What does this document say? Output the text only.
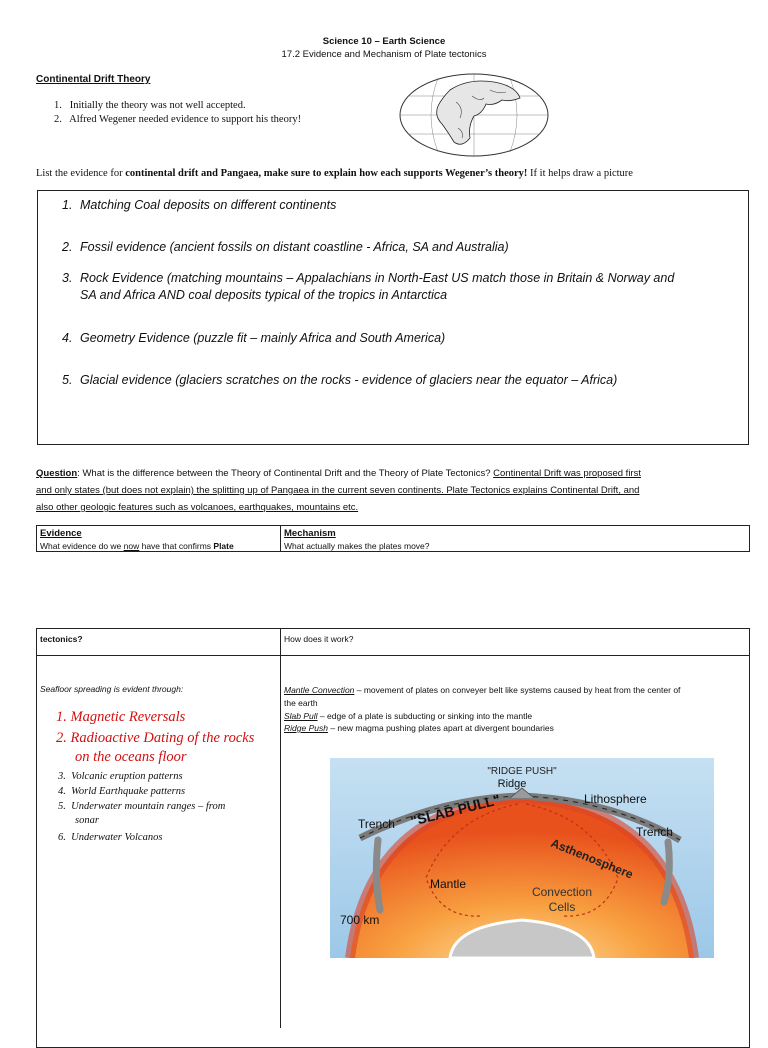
Science 10 – Earth Science
17.2 Evidence and Mechanism of Plate tectonics
Continental Drift Theory
1. Initially the theory was not well accepted.
2. Alfred Wegener needed evidence to support his theory!
List the evidence for continental drift and Pangaea, make sure to explain how each supports Wegener’s theory! If it helps draw a picture
1. Matching Coal deposits on different continents
2. Fossil evidence (ancient fossils on distant coastline - Africa, SA and Australia)
3. Rock Evidence (matching mountains – Appalachians in North-East US match those in Britain & Norway and
SA and Africa AND coal deposits typical of the tropics in Antarctica
4. Geometry Evidence (puzzle fit – mainly Africa and South America)
5. Glacial evidence (glaciers scratches on the rocks - evidence of glaciers near the equator – Africa)
Question: What is the difference between the Theory of Continental Drift and the Theory of Plate Tectonics? Continental Drift was proposed first
and only states (but does not explain) the splitting up of Pangaea in the current seven continents. Plate Tectonics explains Continental Drift, and
also other geologic features such as volcanoes, earthquakes, mountains etc.
Evidence
What evidence do we now have that confirms Plate
Mechanism
What actually makes the plates move?
tectonics?	How does it work?
Seafloor spreading is evident through:
1. Magnetic Reversals
2. Radioactive Dating of the rocks
on the oceans floor
3. Volcanic eruption patterns
4. World Earthquake patterns
5. Underwater mountain ranges – from
sonar
6. Underwater Volcanos
Mantle Convection – movement of plates on conveyer belt like systems caused by heat from the center of
the earth
Slab Pull – edge of a plate is subducting or sinking into the mantle
Ridge Push – new magma pushing plates apart at divergent boundaries
"RIDGE PUSH"
Ridge
Lithosphere
Trench "SLAB PULL"
Trench
Asthenosphere
Mantle
Convection
Cells
700 km
